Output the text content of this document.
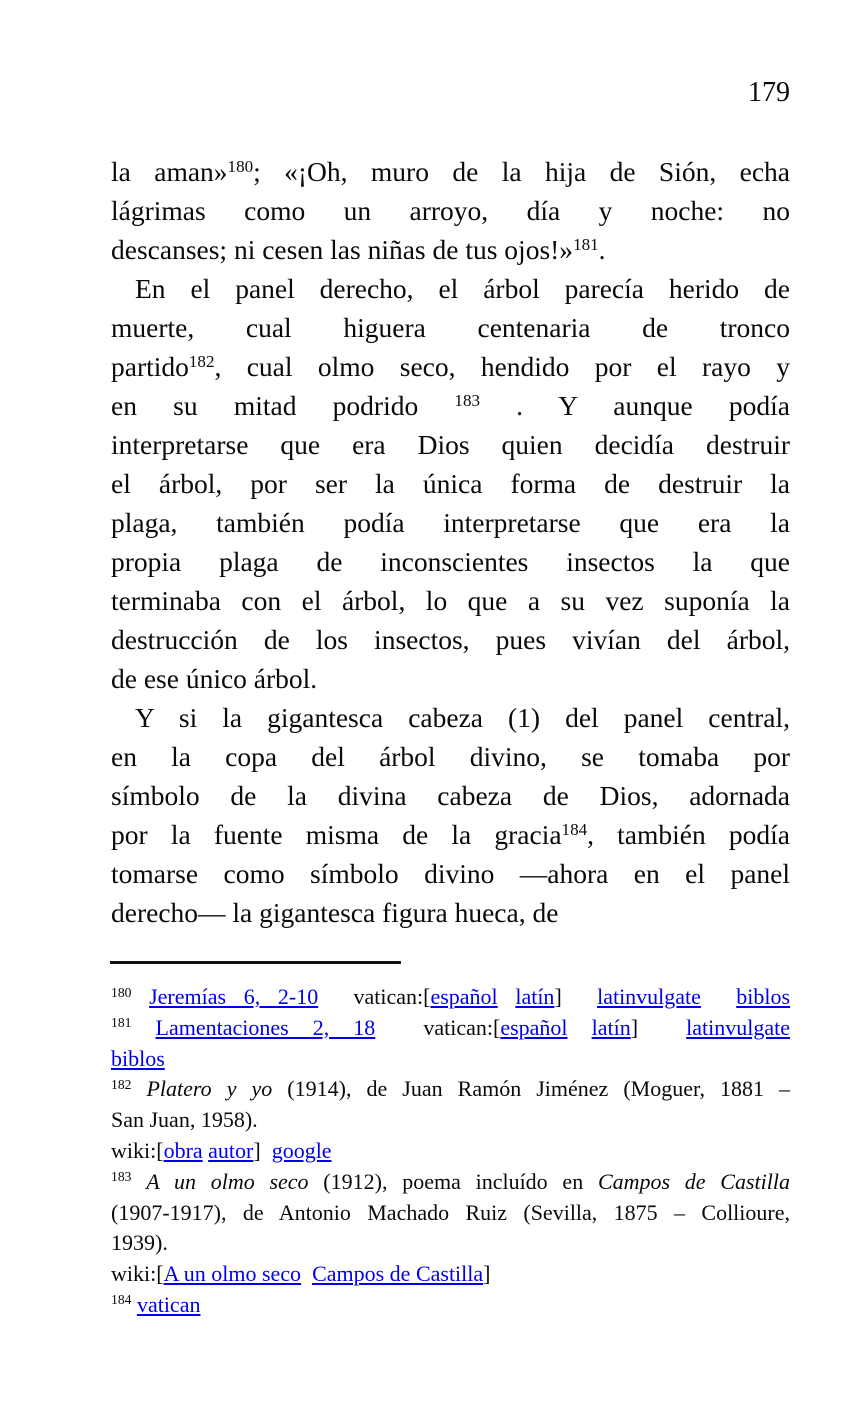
179
la aman»$^{180}$; «¡Oh, muro de la hija de Sión, echa
lágrimas como un arroyo, día y noche: no
descanses; ni cesen las niñas de tus ojos!»$^{181}$.
En el panel derecho, el árbol parecía herido de
muerte, cual higuera centenaria de tronco
partido$^{182}$, cual olmo seco, hendido por el rayo y
en su mitad podrido $^{183}$ . Y aunque podía
interpretarse que era Dios quien decidía destruir
el árbol, por ser la única forma de destruir la
plaga, también podía interpretarse que era la
propia plaga de inconscientes insectos la que
terminaba con el árbol, lo que a su vez suponía la
destrucción de los insectos, pues vivían del árbol,
de ese único árbol.
Y si la gigantesca cabeza (1) del panel central,
en la copa del árbol divino, se tomaba por
símbolo de la divina cabeza de Dios, adornada
por la fuente misma de la gracia$^{184}$, también podía
tomarse como símbolo divino —ahora en el panel
derecho— la gigantesca figura hueca, de
$^{180}$ Jeremías 6, 2-10  vatican:[español latín]  latinvulgate biblos
$^{181}$ Lamentaciones 2, 18  vatican:[español latín]  latinvulgate
biblos
$^{182}$ Platero y yo (1914), de Juan Ramón Jiménez (Moguer, 1881 –
San Juan, 1958).
wiki:[obra autor]  google
$^{183}$ A un olmo seco (1912), poema incluído en Campos de Castilla
(1907-1917), de Antonio Machado Ruiz (Sevilla, 1875 – Collioure,
1939).
wiki:[A un olmo seco Campos de Castilla]
$^{184}$ vatican
